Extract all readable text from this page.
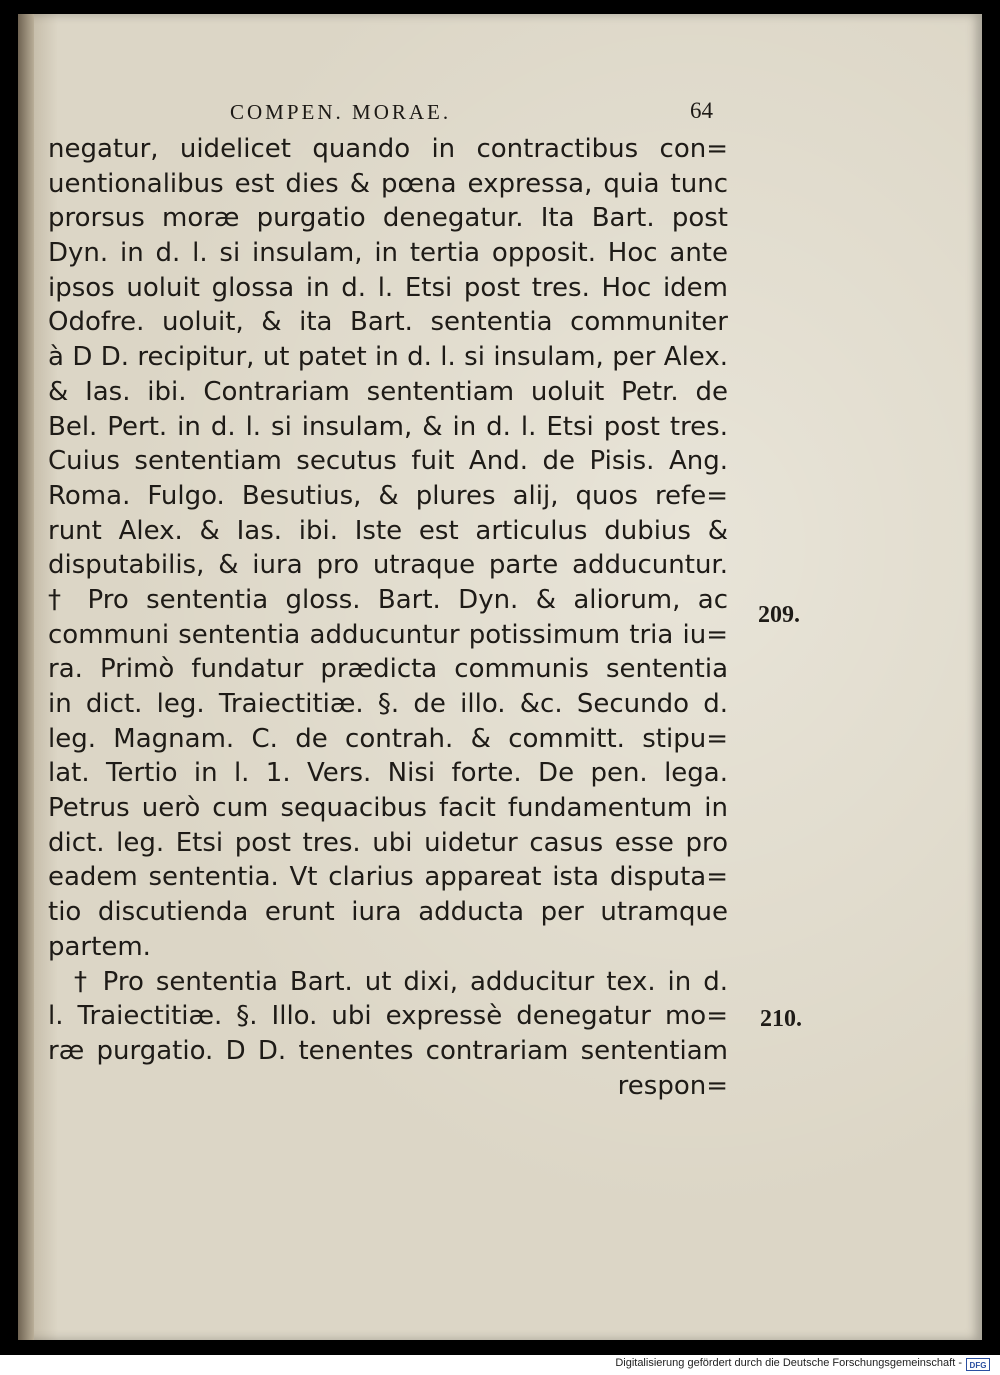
COMPEN. MORAE.	64
negatur, uidelicet quando in contractibus con=
uentionalibus est dies & pœna expressa, quia tunc
prorsus moræ purgatio denegatur. Ita Bart. post
Dyn. in d. l. si insulam, in tertia opposit. Hoc ante
ipsos uoluit glossa in d. l. Etsi post tres. Hoc idem
Odofre. uoluit, & ita Bart. sententia communiter
à D D. recipitur, ut patet in d. l. si insulam, per Alex.
& Ias. ibi. Contrariam sententiam uoluit Petr. de
Bel. Pert. in d. l. si insulam, & in d. l. Etsi post tres.
Cuius sententiam secutus fuit And. de Pisis. Ang.
Roma. Fulgo. Besutius, & plures alij, quos refe=
runt Alex. & Ias. ibi. Iste est articulus dubius &
disputabilis, & iura pro utraque parte adducuntur.
† Pro sententia gloss. Bart. Dyn. & aliorum, ac
communi sententia adducuntur potissimum tria iu=
ra. Primò fundatur prædicta communis sententia
in dict. leg. Traiectitiæ. §. de illo. &c. Secundo d.
leg. Magnam. C. de contrah. & committ. stipu=
lat. Tertio in l. 1. Vers. Nisi forte. De pen. lega.
Petrus uerò cum sequacibus facit fundamentum in
dict. leg. Etsi post tres. ubi uidetur casus esse pro
eadem sententia. Vt clarius appareat ista disputa=
tio discutienda erunt iura adducta per utramque
partem.
† Pro sententia Bart. ut dixi, adducitur tex. in d.
l. Traiectitiæ. §. Illo. ubi expressè denegatur mo=
ræ purgatio. D D. tenentes contrariam sententiam
respon=
209.
210.
Digitalisierung gefördert durch die Deutsche Forschungsgemeinschaft - DFG
